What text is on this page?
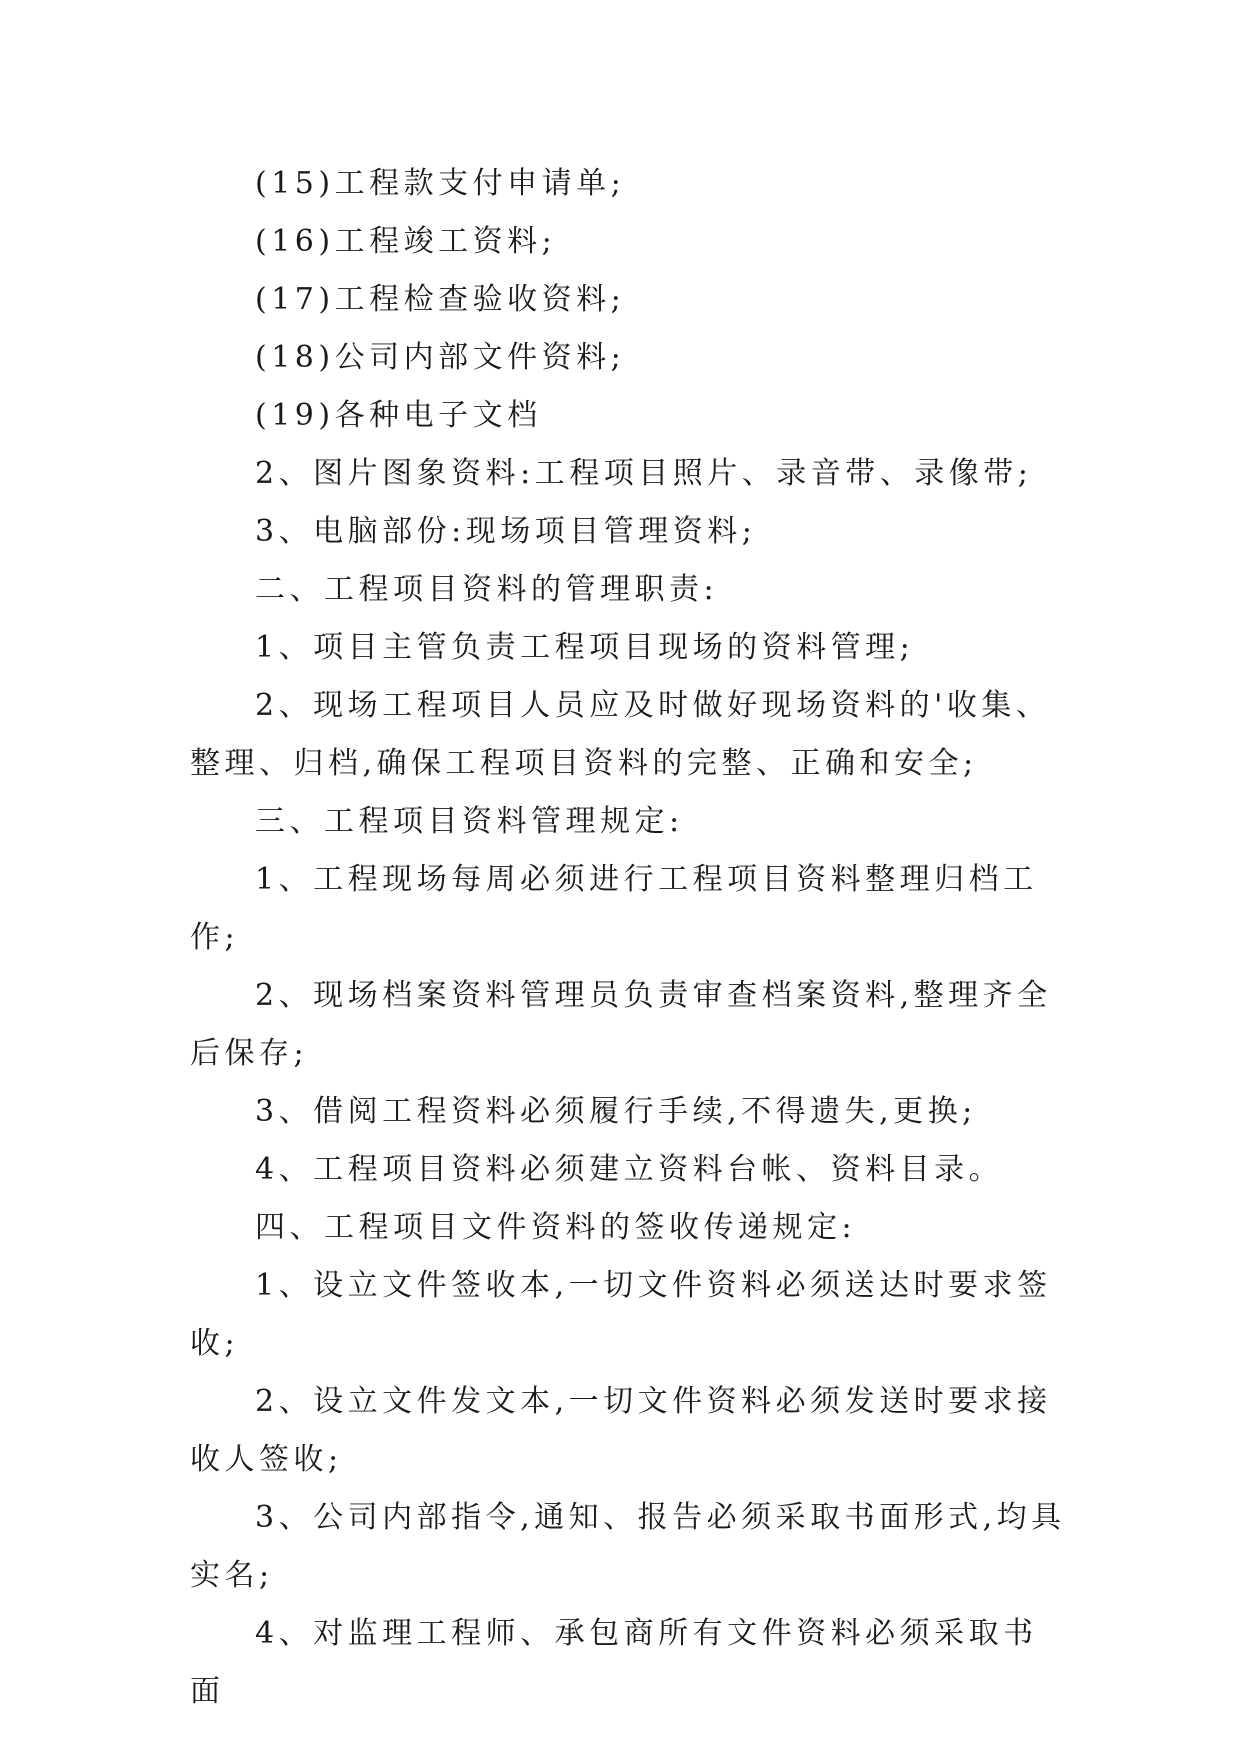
(15)工程款支付申请单;

(16)工程竣工资料;

(17)工程检查验收资料;

(18)公司内部文件资料;

(19)各种电子文档

2、图片图象资料:工程项目照片、录音带、录像带;

3、电脑部份:现场项目管理资料;

二、工程项目资料的管理职责:

1、项目主管负责工程项目现场的资料管理;

2、现场工程项目人员应及时做好现场资料的'收集、整理、归档,确保工程项目资料的完整、正确和安全;

三、工程项目资料管理规定:

1、工程现场每周必须进行工程项目资料整理归档工作;

2、现场档案资料管理员负责审查档案资料,整理齐全后保存;

3、借阅工程资料必须履行手续,不得遗失,更换;

4、工程项目资料必须建立资料台帐、资料目录。

四、工程项目文件资料的签收传递规定:

1、设立文件签收本,一切文件资料必须送达时要求签收;

2、设立文件发文本,一切文件资料必须发送时要求接收人签收;

3、公司内部指令,通知、报告必须采取书面形式,均具实名;

4、对监理工程师、承包商所有文件资料必须采取书面
